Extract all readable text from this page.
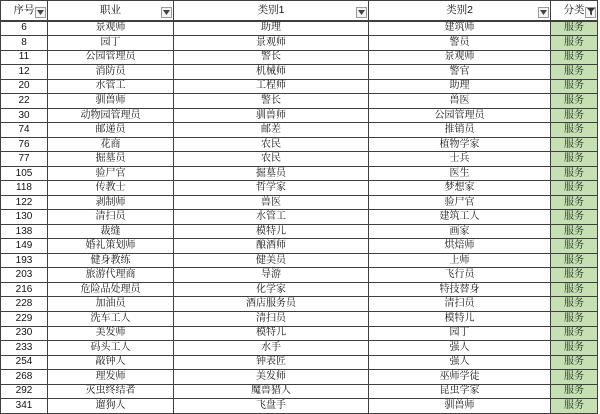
序号	职业	类别1	类别2	分类

6	景观师	助理	建筑师	服务
8	园丁	景观师	警员	服务
11	公园管理员	警长	景观师	服务
12	消防员	机械师	警官	服务
20	水管工	工程师	助理	服务
22	驯兽师	警长	兽医	服务
30	动物园管理员	驯兽师	公园管理员	服务
74	邮递员	邮差	推销员	服务
76	花商	农民	植物学家	服务
77	掘墓员	农民	士兵	服务
105	验尸官	掘墓员	医生	服务
118	传教士	哲学家	梦想家	服务
122	剥制师	兽医	验尸官	服务
130	清扫员	水管工	建筑工人	服务
138	裁缝	模特儿	画家	服务
149	婚礼策划师	酿酒师	烘焙师	服务
193	健身教练	健美员	上师	服务
203	旅游代理商	导游	飞行员	服务
216	危险品处理员	化学家	特技替身	服务
228	加油员	酒店服务员	清扫员	服务
229	洗车工人	清扫员	模特儿	服务
230	美发师	模特儿	园丁	服务
233	码头工人	水手	强人	服务
254	敲钟人	钟表匠	强人	服务
268	理发师	美发师	巫师学徒	服务
292	灭虫终结者	魔兽猎人	昆虫学家	服务
341	遛狗人	飞盘手	驯兽师	服务
